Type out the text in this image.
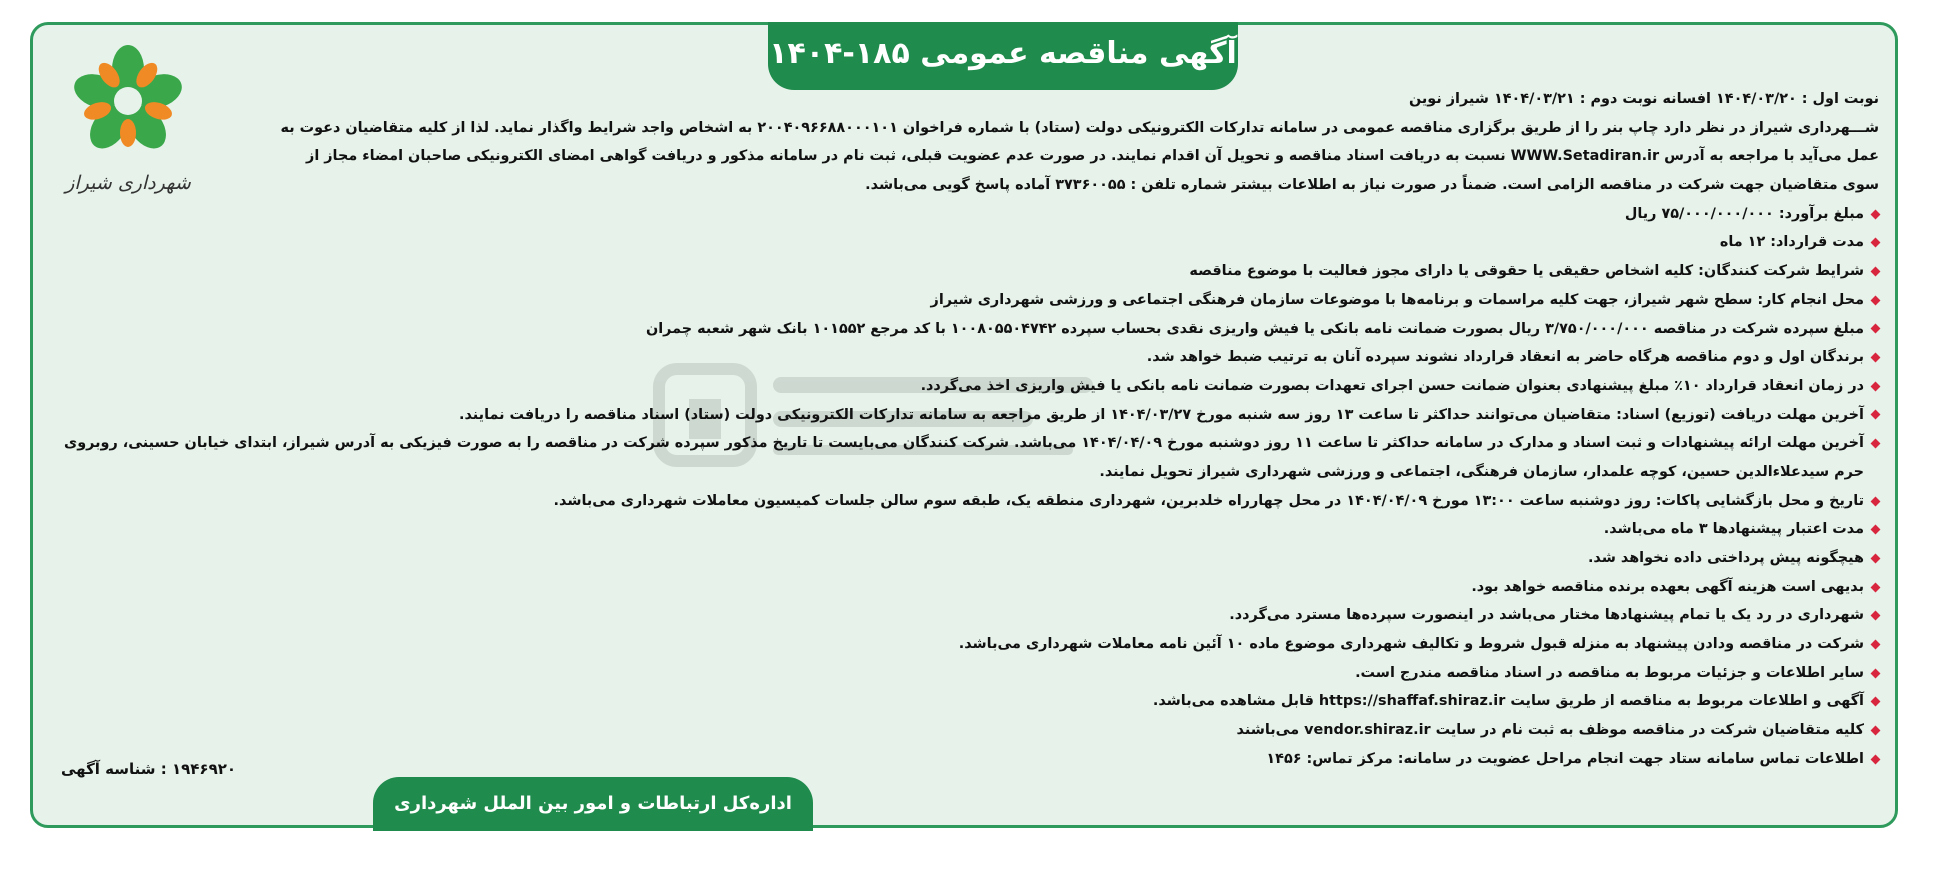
آگهی مناقصه عمومی ۱۸۵-۱۴۰۴
شهرداری شیراز
نوبت اول : ۱۴۰۴/۰۳/۲۰ افسانه نوبت دوم : ۱۴۰۴/۰۳/۲۱ شیراز نوین
شـــهرداری شیراز در نظر دارد چاپ بنر را از طریق برگزاری مناقصه عمومی در سامانه تدارکات الکترونیکی دولت (ستاد) با شماره فراخوان ۲۰۰۴۰۹۶۶۸۸۰۰۰۱۰۱ به اشخاص واجد شرایط واگذار نماید. لذا از کلیه متقاضیان دعوت به
عمل می‌آید با مراجعه به آدرس WWW.Setadiran.ir نسبت به دریافت اسناد مناقصه و تحویل آن اقدام نمایند. در صورت عدم عضویت قبلی، ثبت نام در سامانه مذکور و دریافت گواهی امضای الکترونیکی صاحبان امضاء مجاز از
سوی متقاضیان جهت شرکت در مناقصه الزامی است. ضمناً در صورت نیاز به اطلاعات بیشتر شماره تلفن : ۳۷۳۶۰۰۵۵ آماده پاسخ گویی می‌باشد.
مبلغ برآورد: ۷۵/۰۰۰/۰۰۰/۰۰۰ ریال
مدت قرارداد: ۱۲ ماه
شرایط شرکت کنندگان: کلیه اشخاص حقیقی یا حقوقی یا دارای مجوز فعالیت با موضوع مناقصه
محل انجام کار: سطح شهر شیراز، جهت کلیه مراسمات و برنامه‌ها با موضوعات سازمان فرهنگی اجتماعی و ورزشی شهرداری شیراز
مبلغ سپرده شرکت در مناقصه ۳/۷۵۰/۰۰۰/۰۰۰ ریال بصورت ضمانت نامه بانکی یا فیش واریزی نقدی بحساب سپرده ۱۰۰۸۰۵۵۰۴۷۴۲ با کد مرجع ۱۰۱۵۵۲ بانک شهر شعبه چمران
برندگان اول و دوم مناقصه هرگاه حاضر به انعقاد قرارداد نشوند سپرده آنان به ترتیب ضبط خواهد شد.
در زمان انعقاد قرارداد ۱۰٪ مبلغ پیشنهادی بعنوان ضمانت حسن اجرای تعهدات بصورت ضمانت نامه بانکی یا فیش واریزی اخذ می‌گردد.
آخرین مهلت دریافت (توزیع) اسناد: متقاضیان می‌توانند حداکثر تا ساعت ۱۳ روز سه شنبه مورخ ۱۴۰۴/۰۳/۲۷ از طریق مراجعه به سامانه تدارکات الکترونیکی دولت (ستاد) اسناد مناقصه را دریافت نمایند.
آخرین مهلت ارائه پیشنهادات و ثبت اسناد و مدارک در سامانه حداکثر تا ساعت ۱۱ روز دوشنبه مورخ ۱۴۰۴/۰۴/۰۹ می‌باشد. شرکت کنندگان می‌بایست تا تاریخ مذکور سپرده شرکت در مناقصه را به صورت فیزیکی به آدرس شیراز، ابتدای خیابان حسینی، روبروی حرم سیدعلاءالدین حسین، کوچه علمدار، سازمان فرهنگی، اجتماعی و ورزشی شهرداری شیراز تحویل نمایند.
تاریخ و محل بازگشایی پاکات: روز دوشنبه ساعت ۱۳:۰۰ مورخ ۱۴۰۴/۰۴/۰۹ در محل چهارراه خلدبرین، شهرداری منطقه یک، طبقه سوم سالن جلسات کمیسیون معاملات شهرداری می‌باشد.
مدت اعتبار پیشنهادها ۳ ماه می‌باشد.
هیچگونه پیش پرداختی داده نخواهد شد.
بدیهی است هزینه آگهی بعهده برنده مناقصه خواهد بود.
شهرداری در رد یک یا تمام پیشنهادها مختار می‌باشد در اینصورت سپرده‌ها مسترد می‌گردد.
شرکت در مناقصه ودادن پیشنهاد به منزله قبول شروط و تکالیف شهرداری موضوع ماده ۱۰ آئین نامه معاملات شهرداری می‌باشد.
سایر اطلاعات و جزئیات مربوط به مناقصه در اسناد مناقصه مندرج است.
آگهی و اطلاعات مربوط به مناقصه از طریق سایت https://shaffaf.shiraz.ir قابل مشاهده می‌باشد.
کلیه متقاضیان شرکت در مناقصه موظف به ثبت نام در سایت vendor.shiraz.ir می‌باشند
اطلاعات تماس سامانه ستاد جهت انجام مراحل عضویت در سامانه: مرکز تماس: ۱۴۵۶
۱۹۴۶۹۲۰ : شناسه آگهی
اداره‌کل ارتباطات و امور بین الملل شهرداری شیراز
